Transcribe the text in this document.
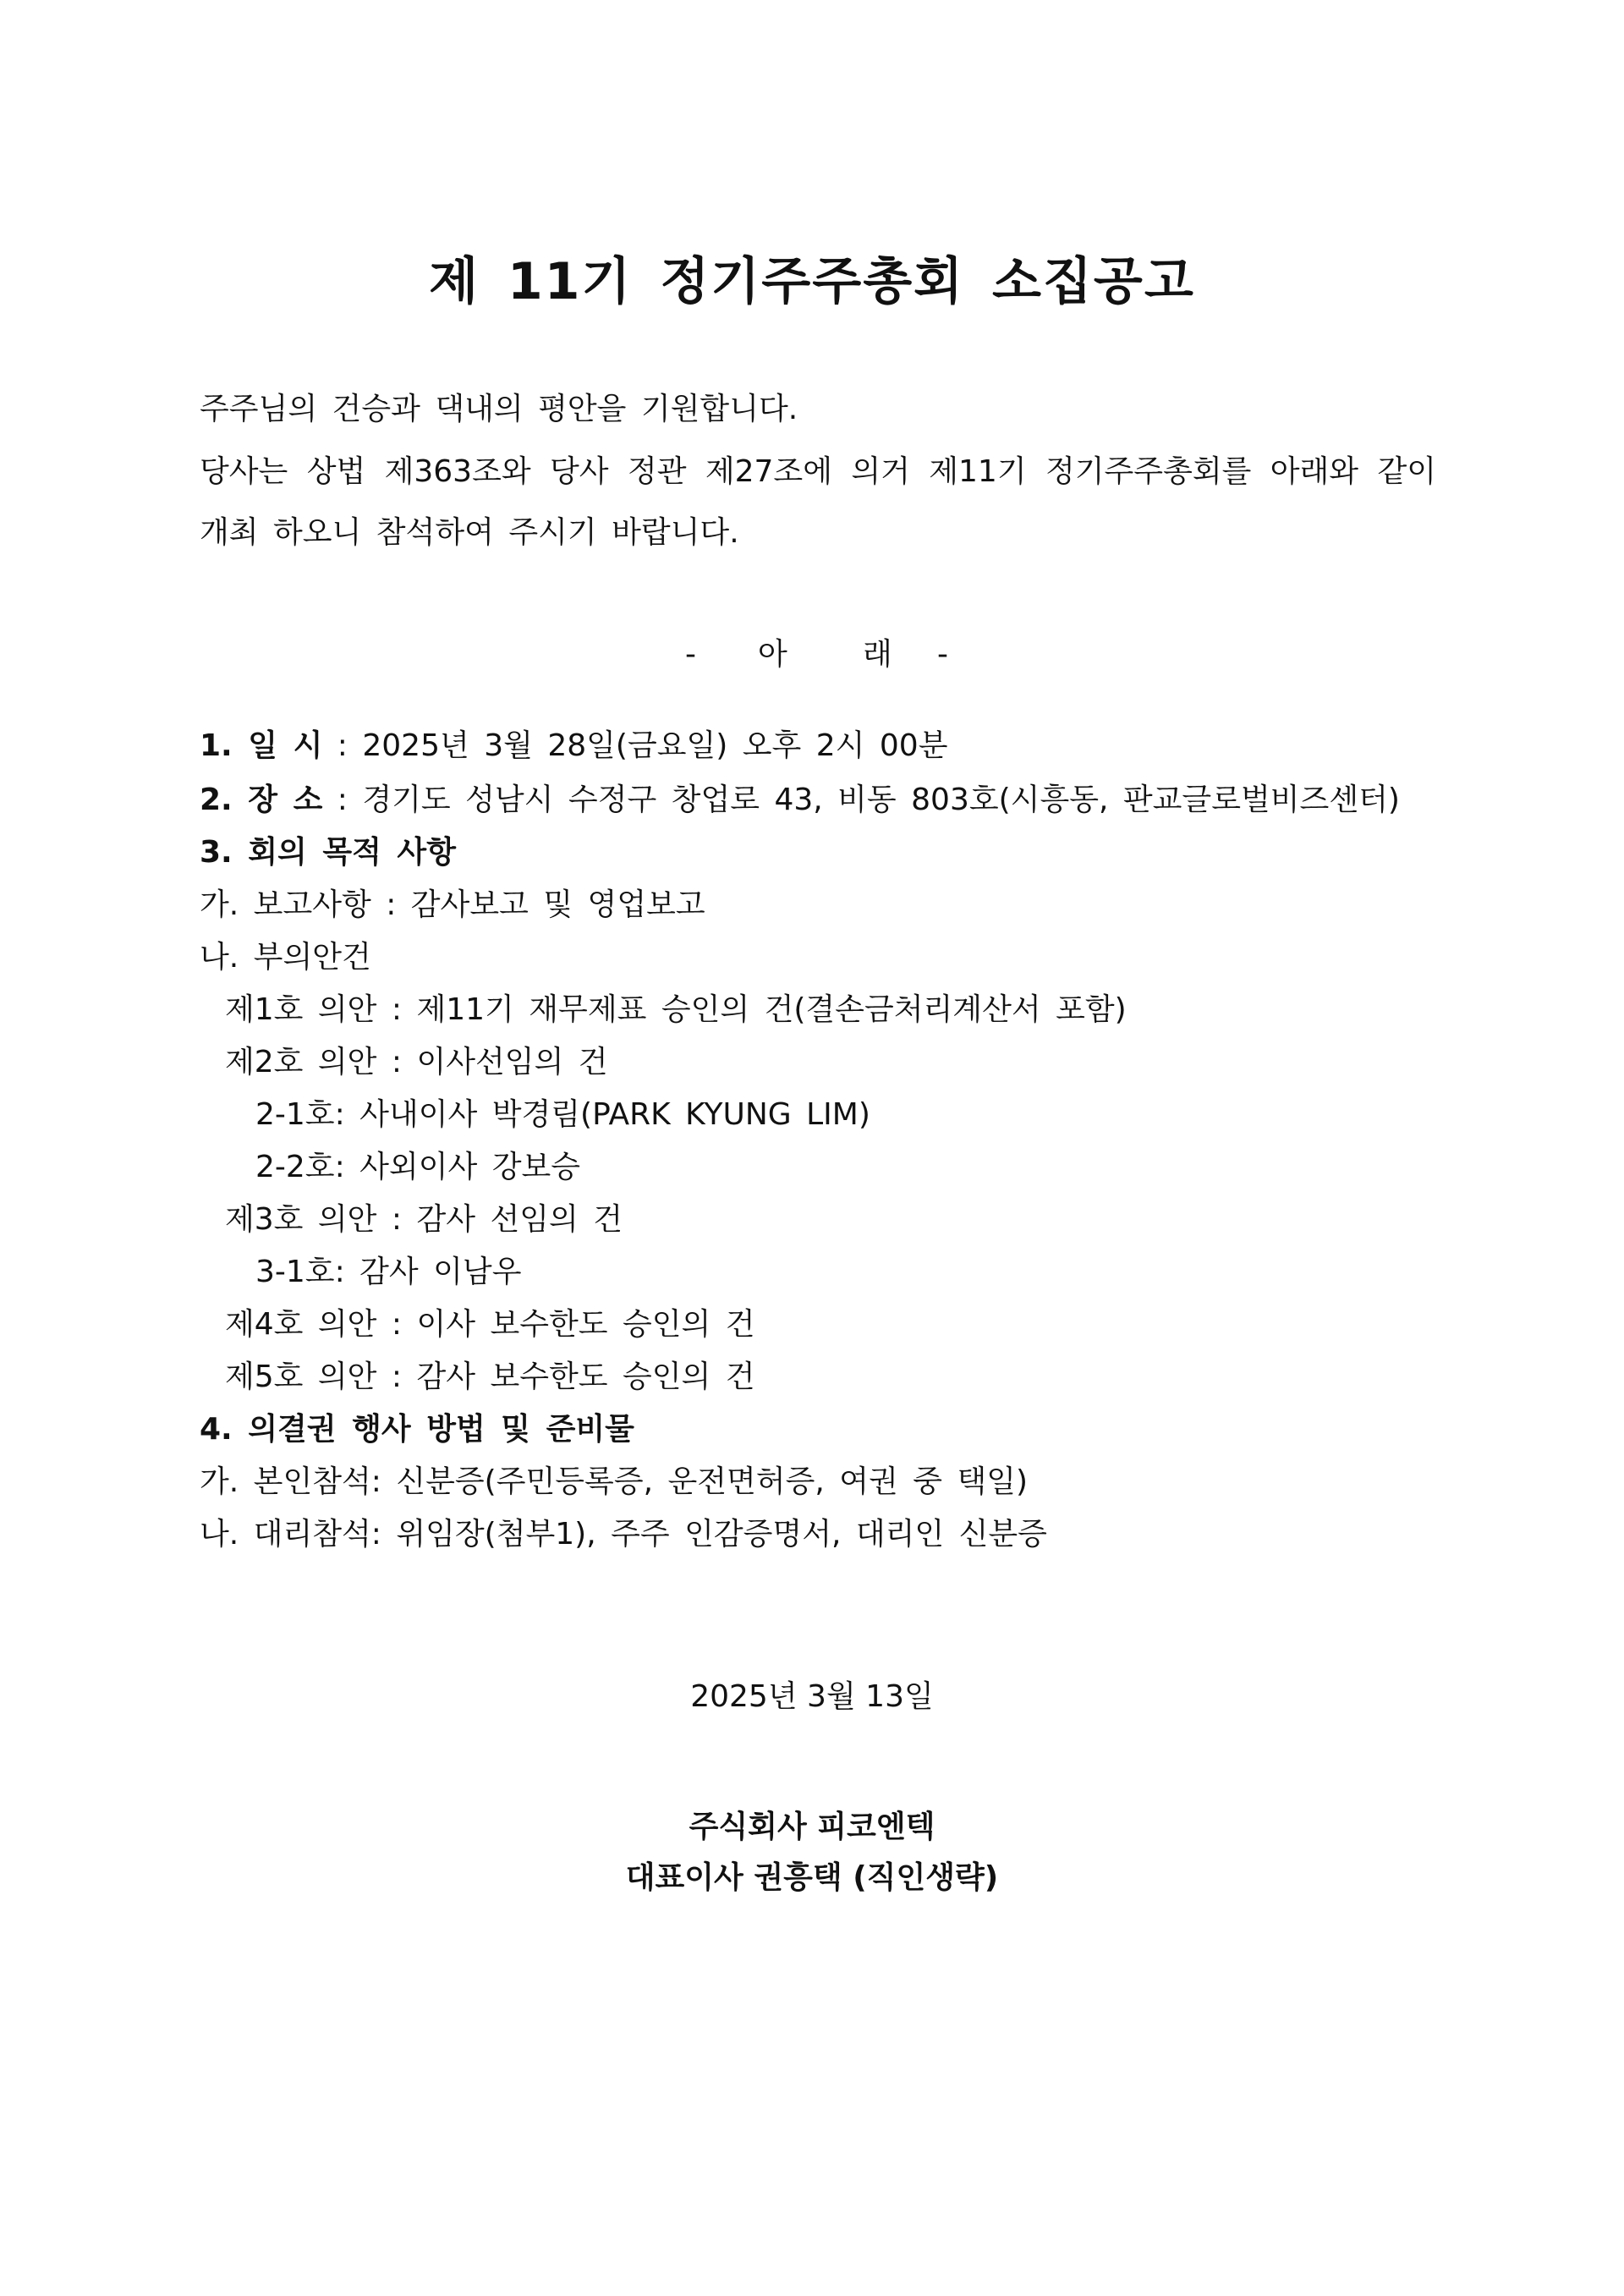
제 11기 정기주주총회 소집공고
주주님의 건승과 댁내의 평안을 기원합니다.
당사는 상법 제363조와 당사 정관 제27조에 의거 제11기 정기주주총회를 아래와 같이
개최 하오니 참석하여 주시기 바랍니다.
- 아 래 -
1. 일 시 : 2025년 3월 28일(금요일) 오후 2시 00분
2. 장 소 : 경기도 성남시 수정구 창업로 43, 비동 803호(시흥동, 판교글로벌비즈센터)
3. 회의 목적 사항
가. 보고사항 : 감사보고 및 영업보고
나. 부의안건
제1호 의안 : 제11기 재무제표 승인의 건(결손금처리계산서 포함)
제2호 의안 : 이사선임의 건
2-1호: 사내이사 박경림(PARK KYUNG LIM)
2-2호: 사외이사 강보승
제3호 의안 : 감사 선임의 건
3-1호: 감사 이남우
제4호 의안 : 이사 보수한도 승인의 건
제5호 의안 : 감사 보수한도 승인의 건
4. 의결권 행사 방법 및 준비물
가. 본인참석: 신분증(주민등록증, 운전면허증, 여권 중 택일)
나. 대리참석: 위임장(첨부1), 주주 인감증명서, 대리인 신분증
2025년 3월 13일
주식회사 피코엔텍
대표이사 권흥택 (직인생략)
